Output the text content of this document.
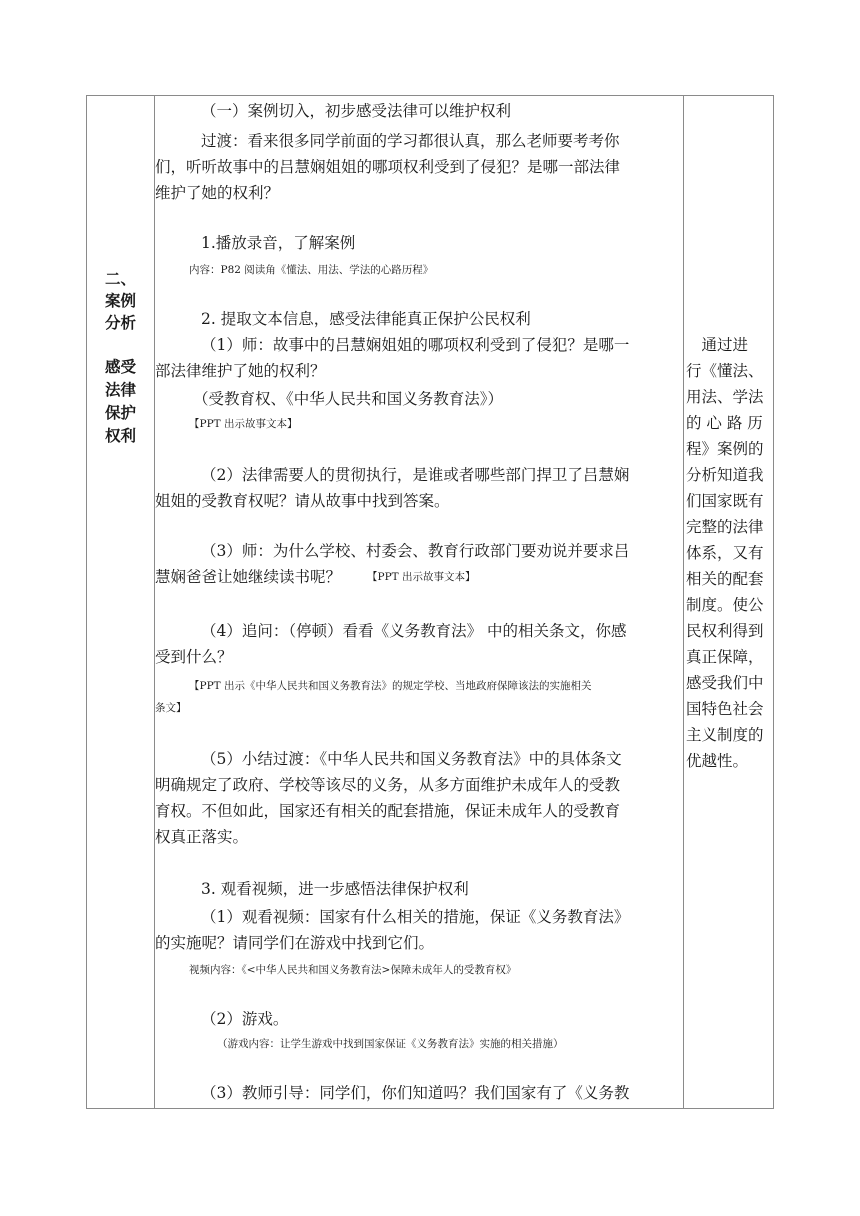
二、
案例
分析
感受
法律
保护
权利
（一）案例切入，初步感受法律可以维护权利
过渡：看来很多同学前面的学习都很认真，那么老师要考考你
们，听听故事中的吕慧娴姐姐的哪项权利受到了侵犯？是哪一部法律
维护了她的权利？
1.播放录音，了解案例
内容：P82 阅读角《懂法、用法、学法的心路历程》
2. 提取文本信息，感受法律能真正保护公民权利
（1）师：故事中的吕慧娴姐姐的哪项权利受到了侵犯？是哪一
部法律维护了她的权利？
（受教育权、《中华人民共和国义务教育法》）
【PPT 出示故事文本】
（2）法律需要人的贯彻执行，是谁或者哪些部门捍卫了吕慧娴
姐姐的受教育权呢？请从故事中找到答案。
（3）师：为什么学校、村委会、教育行政部门要劝说并要求吕
慧娴爸爸让她继续读书呢？	【PPT 出示故事文本】
（4）追问：（停顿）看看《义务教育法》 中的相关条文，你感
受到什么？
【PPT 出示《中华人民共和国义务教育法》的规定学校、当地政府保障该法的实施相关
条文】
（5）小结过渡：《中华人民共和国义务教育法》中的具体条文
明确规定了政府、学校等该尽的义务，从多方面维护未成年人的受教
育权。不但如此，国家还有相关的配套措施，保证未成年人的受教育
权真正落实。
3. 观看视频，进一步感悟法律保护权利
（1）观看视频：国家有什么相关的措施，保证《义务教育法》
的实施呢？请同学们在游戏中找到它们。
视频内容：《<中华人民共和国义务教育法>保障未成年人的受教育权》
（2）游戏。
（游戏内容：让学生游戏中找到国家保证《义务教育法》实施的相关措施）
（3）教师引导：同学们，你们知道吗？我们国家有了《义务教
　通过进
行《懂法、
用法、学法
的 心 路 历
程》案例的
分析知道我
们国家既有
完整的法律
体系，又有
相关的配套
制度。使公
民权利得到
真正保障，
感受我们中
国特色社会
主义制度的
优越性。
